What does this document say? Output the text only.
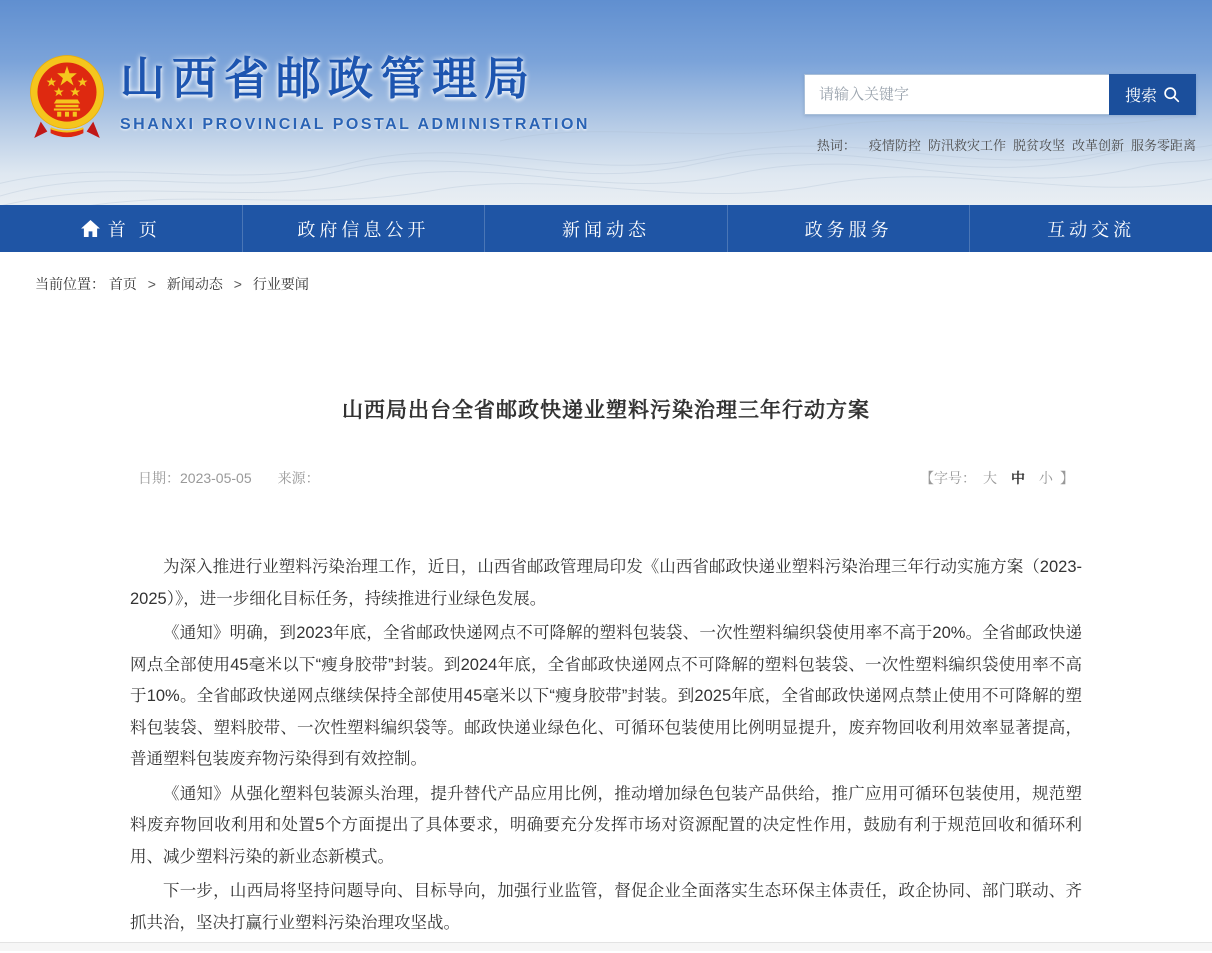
山西省邮政管理局
SHANXI PROVINCIAL POSTAL ADMINISTRATION
请输入关键字
搜索
热词： 疫情防控 防汛救灾工作 脱贫攻坚 改革创新 服务零距离
首 页	政府信息公开	新闻动态	政务服务	互动交流
当前位置： 首页 > 新闻动态 > 行业要闻
山西局出台全省邮政快递业塑料污染治理三年行动方案
日期：2023-05-05 来源：	【字号： 大 中 小 】

为深入推进行业塑料污染治理工作，近日，山西省邮政管理局印发《山西省邮政快递业塑料污染治理三年行动实施方案（2023-2025）》，进一步细化目标任务，持续推进行业绿色发展。

《通知》明确，到2023年底，全省邮政快递网点不可降解的塑料包装袋、一次性塑料编织袋使用率不高于20%。全省邮政快递网点全部使用45毫米以下“瘦身胶带”封装。到2024年底，全省邮政快递网点不可降解的塑料包装袋、一次性塑料编织袋使用率不高于10%。全省邮政快递网点继续保持全部使用45毫米以下“瘦身胶带”封装。到2025年底，全省邮政快递网点禁止使用不可降解的塑料包装袋、塑料胶带、一次性塑料编织袋等。邮政快递业绿色化、可循环包装使用比例明显提升，废弃物回收利用效率显著提高，普通塑料包装废弃物污染得到有效控制。

《通知》从强化塑料包装源头治理，提升替代产品应用比例，推动增加绿色包装产品供给，推广应用可循环包装使用，规范塑料废弃物回收利用和处置5个方面提出了具体要求，明确要充分发挥市场对资源配置的决定性作用，鼓励有利于规范回收和循环利用、减少塑料污染的新业态新模式。

下一步，山西局将坚持问题导向、目标导向，加强行业监管，督促企业全面落实生态环保主体责任，政企协同、部门联动、齐抓共治，坚决打赢行业塑料污染治理攻坚战。
